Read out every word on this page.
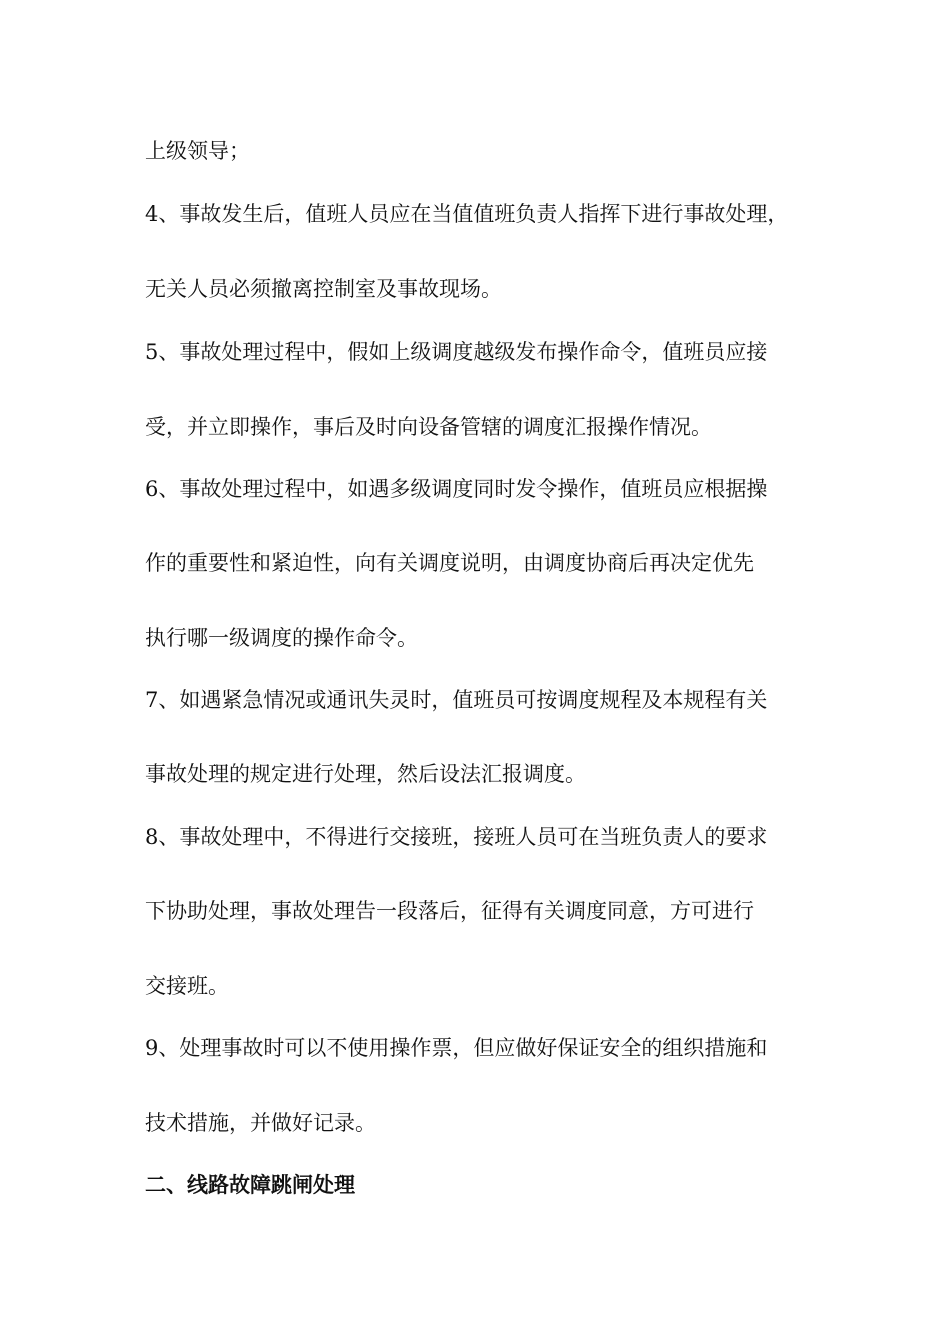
上级领导；
4、事故发生后，值班人员应在当值值班负责人指挥下进行事故处理，
无关人员必须撤离控制室及事故现场。
5、事故处理过程中，假如上级调度越级发布操作命令，值班员应接
受，并立即操作，事后及时向设备管辖的调度汇报操作情况。
6、事故处理过程中，如遇多级调度同时发令操作，值班员应根据操
作的重要性和紧迫性，向有关调度说明，由调度协商后再决定优先
执行哪一级调度的操作命令。
7、如遇紧急情况或通讯失灵时，值班员可按调度规程及本规程有关
事故处理的规定进行处理，然后设法汇报调度。
8、事故处理中，不得进行交接班，接班人员可在当班负责人的要求
下协助处理，事故处理告一段落后，征得有关调度同意，方可进行
交接班。
9、处理事故时可以不使用操作票，但应做好保证安全的组织措施和
技术措施，并做好记录。
二、线路故障跳闸处理
